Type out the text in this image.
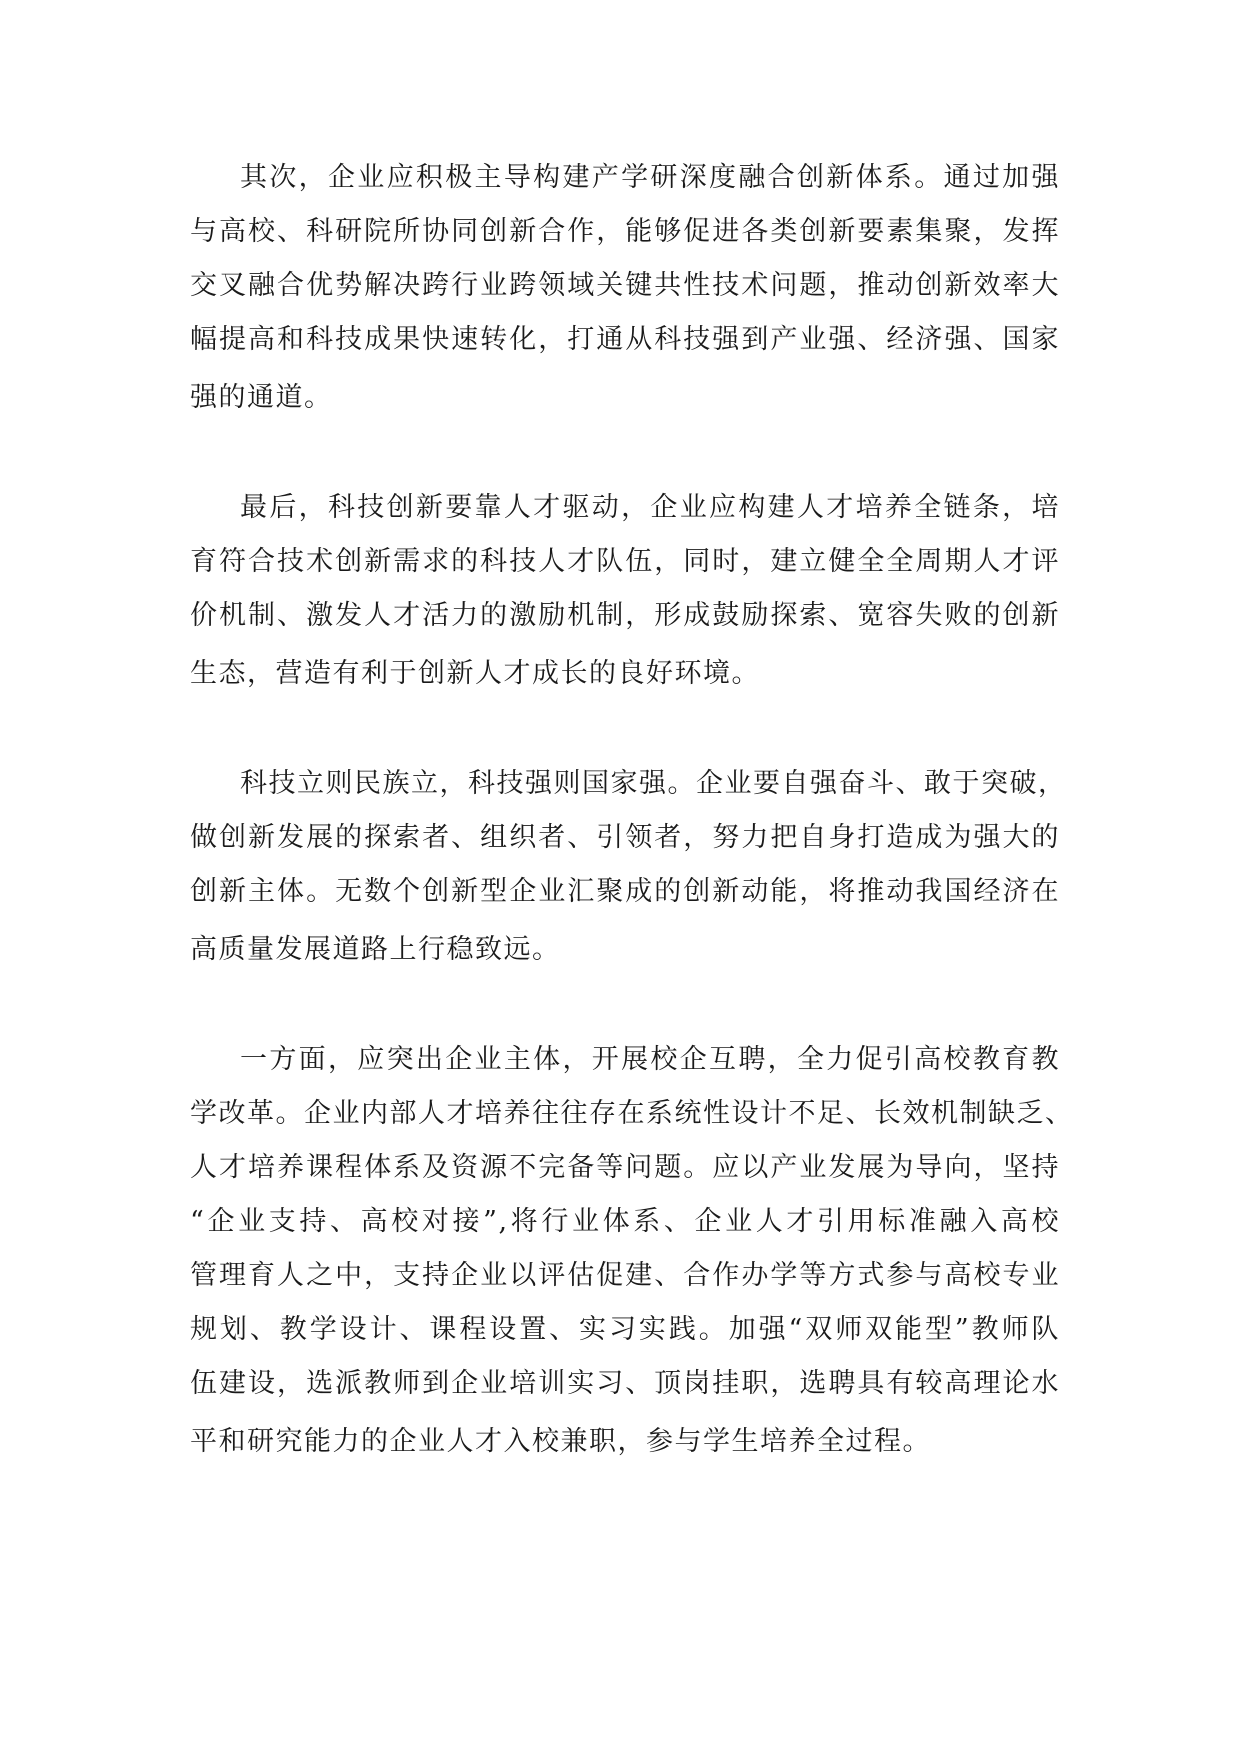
其次，企业应积极主导构建产学研深度融合创新体系。通过加强
与高校、科研院所协同创新合作，能够促进各类创新要素集聚，发挥
交叉融合优势解决跨行业跨领域关键共性技术问题，推动创新效率大
幅提高和科技成果快速转化，打通从科技强到产业强、经济强、国家
强的通道。
最后，科技创新要靠人才驱动，企业应构建人才培养全链条，培
育符合技术创新需求的科技人才队伍，同时，建立健全全周期人才评
价机制、激发人才活力的激励机制，形成鼓励探索、宽容失败的创新
生态，营造有利于创新人才成长的良好环境。
科技立则民族立，科技强则国家强。企业要自强奋斗、敢于突破，
做创新发展的探索者、组织者、引领者，努力把自身打造成为强大的
创新主体。无数个创新型企业汇聚成的创新动能，将推动我国经济在
高质量发展道路上行稳致远。
一方面，应突出企业主体，开展校企互聘，全力促引高校教育教
学改革。企业内部人才培养往往存在系统性设计不足、长效机制缺乏、
人才培养课程体系及资源不完备等问题。应以产业发展为导向，坚持
“企业支持、高校对接”,将行业体系、企业人才引用标准融入高校
管理育人之中，支持企业以评估促建、合作办学等方式参与高校专业
规划、教学设计、课程设置、实习实践。加强“双师双能型”教师队
伍建设，选派教师到企业培训实习、顶岗挂职，选聘具有较高理论水
平和研究能力的企业人才入校兼职，参与学生培养全过程。
